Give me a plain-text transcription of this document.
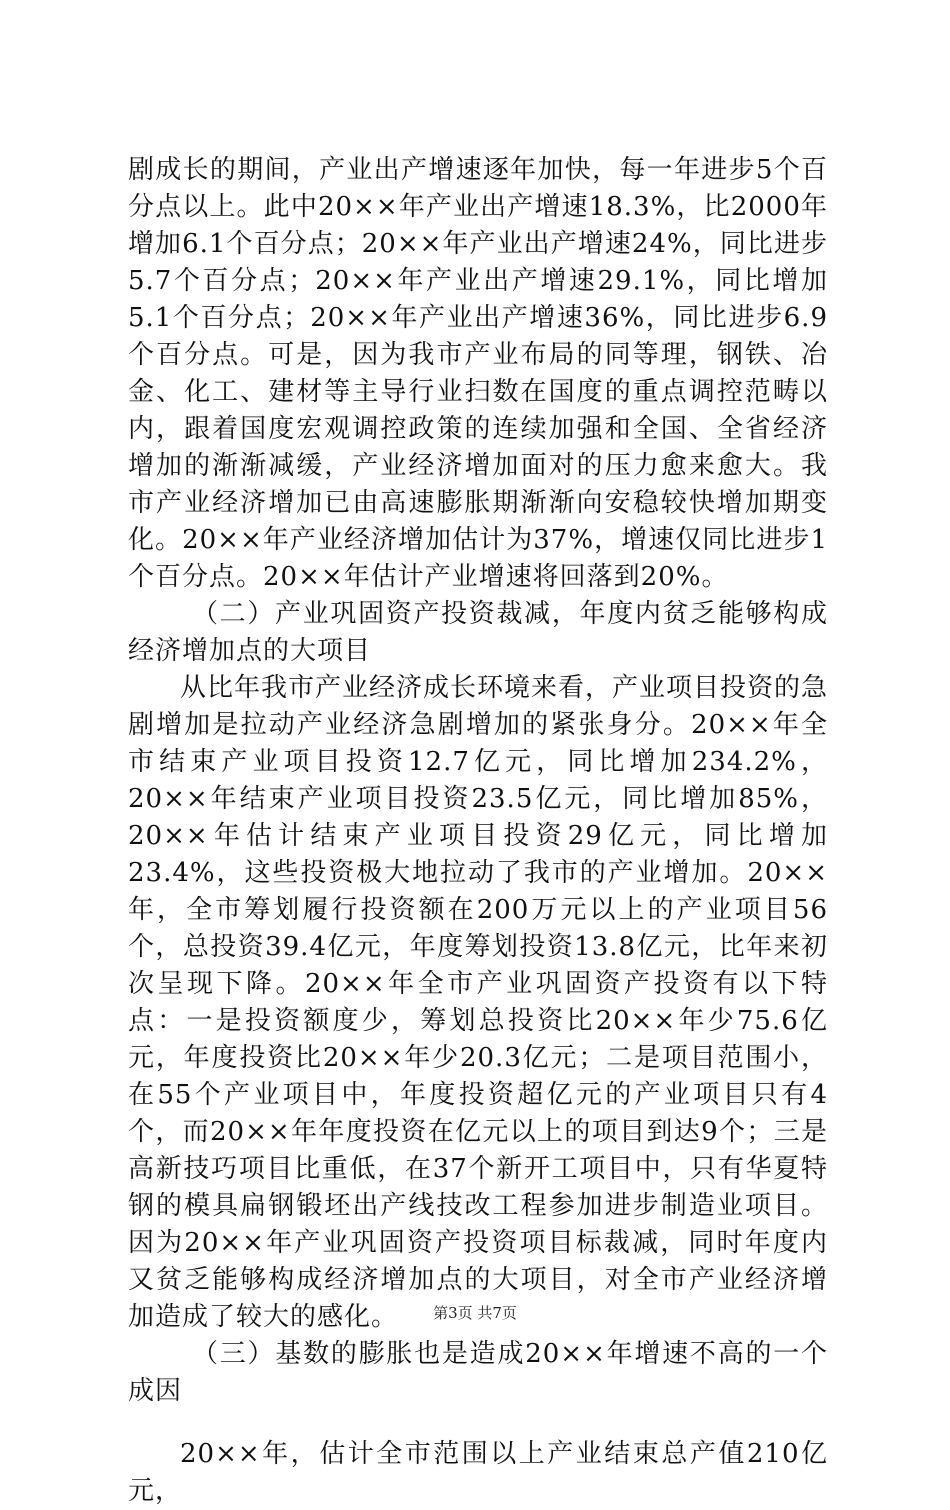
剧成长的期间，产业出产增速逐年加快，每一年进步5个百分点以上。此中20××年产业出产增速18.3%，比2000年增加6.1个百分点；20××年产业出产增速24%，同比进步5.7个百分点；20××年产业出产增速29.1%，同比增加5.1个百分点；20××年产业出产增速36%，同比进步6.9个百分点。可是，因为我市产业布局的同等理，钢铁、冶金、化工、建材等主导行业扫数在国度的重点调控范畴以内，跟着国度宏观调控政策的连续加强和全国、全省经济增加的渐渐减缓，产业经济增加面对的压力愈来愈大。我市产业经济增加已由高速膨胀期渐渐向安稳较快增加期变化。20××年产业经济增加估计为37%，增速仅同比进步1个百分点。20××年估计产业增速将回落到20%。

（二）产业巩固资产投资裁减，年度内贫乏能够构成经济增加点的大项目

从比年我市产业经济成长环境来看，产业项目投资的急剧增加是拉动产业经济急剧增加的紧张身分。20××年全市结束产业项目投资12.7亿元，同比增加234.2%，20××年结束产业项目投资23.5亿元，同比增加85%，20××年估计结束产业项目投资29亿元，同比增加23.4%，这些投资极大地拉动了我市的产业增加。20××年，全市筹划履行投资额在200万元以上的产业项目56个，总投资39.4亿元，年度筹划投资13.8亿元，比年来初次呈现下降。20××年全市产业巩固资产投资有以下特点：一是投资额度少，筹划总投资比20××年少75.6亿元，年度投资比20××年少20.3亿元；二是项目范围小，在55个产业项目中，年度投资超亿元的产业项目只有4个，而20××年年度投资在亿元以上的项目到达9个；三是高新技巧项目比重低，在37个新开工项目中，只有华夏特钢的模具扁钢锻坯出产线技改工程参加进步制造业项目。因为20××年产业巩固资产投资项目标裁减，同时年度内又贫乏能够构成经济增加点的大项目，对全市产业经济增加造成了较大的感化。

（三）基数的膨胀也是造成20××年增速不高的一个成因

20××年，估计全市范围以上产业结束总产值210亿元，

第3页 共7页
